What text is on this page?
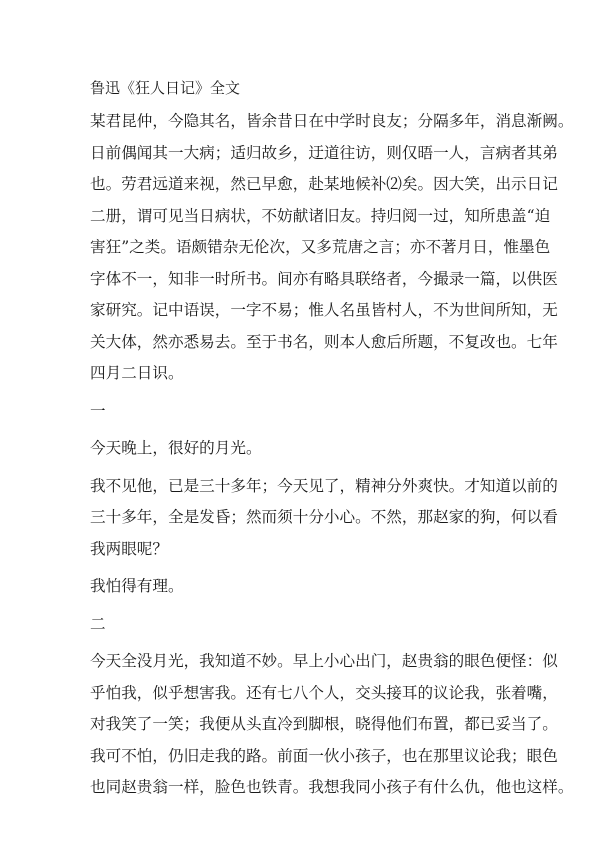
鲁迅《狂人日记》全文
某君昆仲，今隐其名，皆余昔日在中学时良友；分隔多年，消息渐阙。
日前偶闻其一大病；适归故乡，迂道往访，则仅晤一人，言病者其弟
也。劳君远道来视，然已早愈，赴某地候补⑵矣。因大笑，出示日记
二册，谓可见当日病状，不妨献诸旧友。持归阅一过，知所患盖“迫
害狂”之类。语颇错杂无伦次，又多荒唐之言；亦不著月日，惟墨色
字体不一，知非一时所书。间亦有略具联络者，今撮录一篇，以供医
家研究。记中语误，一字不易；惟人名虽皆村人，不为世间所知，无
关大体，然亦悉易去。至于书名，则本人愈后所题，不复改也。七年
四月二日识。
一
今天晚上，很好的月光。
我不见他，已是三十多年；今天见了，精神分外爽快。才知道以前的
三十多年，全是发昏；然而须十分小心。不然，那赵家的狗，何以看
我两眼呢？
我怕得有理。
二
今天全没月光，我知道不妙。早上小心出门，赵贵翁的眼色便怪：似
乎怕我，似乎想害我。还有七八个人，交头接耳的议论我，张着嘴，
对我笑了一笑；我便从头直冷到脚根，晓得他们布置，都已妥当了。
我可不怕，仍旧走我的路。前面一伙小孩子，也在那里议论我；眼色
也同赵贵翁一样，脸色也铁青。我想我同小孩子有什么仇，他也这样。
